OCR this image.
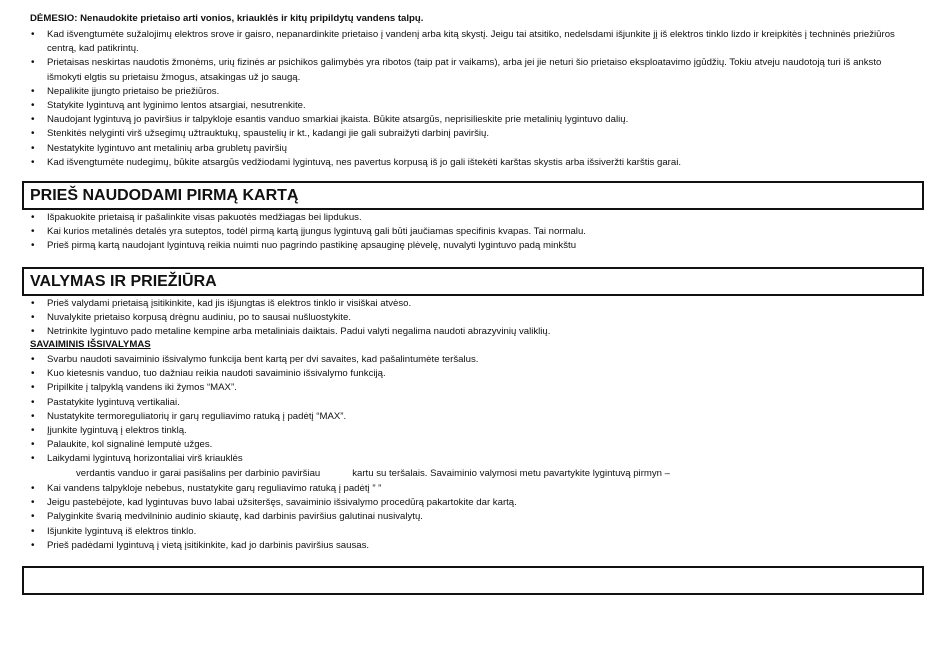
DĖMESIO: Nenaudokite prietaiso arti vonios, kriauklės ir kitų pripildytų vandens talpų.
• Kad išvengtumėte sužalojimų elektros srove ir gaisro, nepanardinkite prietaiso į vandenį arba kitą skystį. Jeigu tai atsitiko, nedelsdami išjunkite jį iš elektros tinklo lizdo ir kreipkitės į techninės priežiūros centrą, kad patikrintų.
• Prietaisas neskirtas naudotis žmonėms, urių fizinės ar psichikos galimybės yra ribotos (taip pat ir vaikams), arba jei jie neturi šio prietaiso eksploatavimo įgūdžių. Tokiu atveju naudotoją turi iš anksto išmokyti elgtis su prietaisu žmogus, atsakingas už jo saugą.
• Nepalikite įjungto prietaiso be priežiūros.
• Statykite lygintuvą ant lyginimo lentos atsargiai, nesutrenkite.
• Naudojant lygintuvą jo paviršius ir talpykloje esantis vanduo smarkiai įkaista. Būkite atsargūs, neprisilieskite prie metalinių lygintuvo dalių.
• Stenkitės nelyginti virš užsegimų užtrauktukų, spaustelių ir kt., kadangi jie gali subraižyti darbinį paviršių.
• Nestatykite lygintuvo ant metalinių arba grubletų paviršių
• Kad išvengtumėte nudegimų, būkite atsargūs vedžiodami lygintuvą, nes pavertus korpusą iš jo gali ištekėti karštas skystis arba išsiveržti karštis garai.
PRIEŠ NAUDODAMI PIRMĄ KARTĄ
• Išpakuokite prietaisą ir pašalinkite visas pakuotės medžiagas bei lipdukus.
• Kai kurios metalinės detalės yra suteptos, todėl pirmą kartą įjungus lygintuvą gali būti jaučiamas specifinis kvapas. Tai normalu.
• Prieš pirmą kartą naudojant lygintuvą reikia nuimti nuo pagrindo pastikinę apsauginę plėvelę, nuvalyti lygintuvo padą minkštu
VALYMAS IR PRIEŽIŪRA
• Prieš valydami prietaisą įsitikinkite, kad jis išjungtas iš elektros tinklo ir visiškai atvėso.
• Nuvalykite prietaiso korpusą drėgnu audiniu, po to sausai nušluostykite.
• Netrinkite lygintuvo pado metaline kempine arba metaliniais daiktais. Padui valyti negalima naudoti abrazyvinių valiklių.
SAVAIMINIS IŠSIVALYMAS
• Svarbu naudoti savaiminio išsivalymo funkcija bent kartą per dvi savaites, kad pašalintumėte teršalus.
• Kuo kietesnis vanduo, tuo dažniau reikia naudoti savaiminio išsivalymo funkciją.
• Pripilkite į talpyklą vandens iki žymos “MAX”.
• Pastatykite lygintuvą vertikaliai.
• Nustatykite termoreguliatorių ir garų reguliavimo ratuką į padėtį “MAX”.
• Įjunkite lygintuvą į elektros tinklą.
• Palaukite, kol signalinė lemputė užges.
• Laikydami lygintuvą horizontaliai virš kriauklės
verdantis vanduo ir garai pasišalins per darbinio paviršiau            kartu su teršalais. Savaiminio valymosi metu pavartykite lygintuvą pirmyn –
• Kai vandens talpykloje nebebus, nustatykite garų reguliavimo ratuką į padėtį ” ”
• Jeigu pastebėjote, kad lygintuvas buvo labai užsiteršęs, savaiminio išsivalymo procedūrą pakartokite dar kartą.
• Palyginkite švarią medvilninio audinio skiautę, kad darbinis paviršius galutinai nusivalytų.
• Išjunkite lygintuvą iš elektros tinklo.
• Prieš padėdami lygintuvą į vietą įsitikinkite, kad jo darbinis paviršius sausas.
